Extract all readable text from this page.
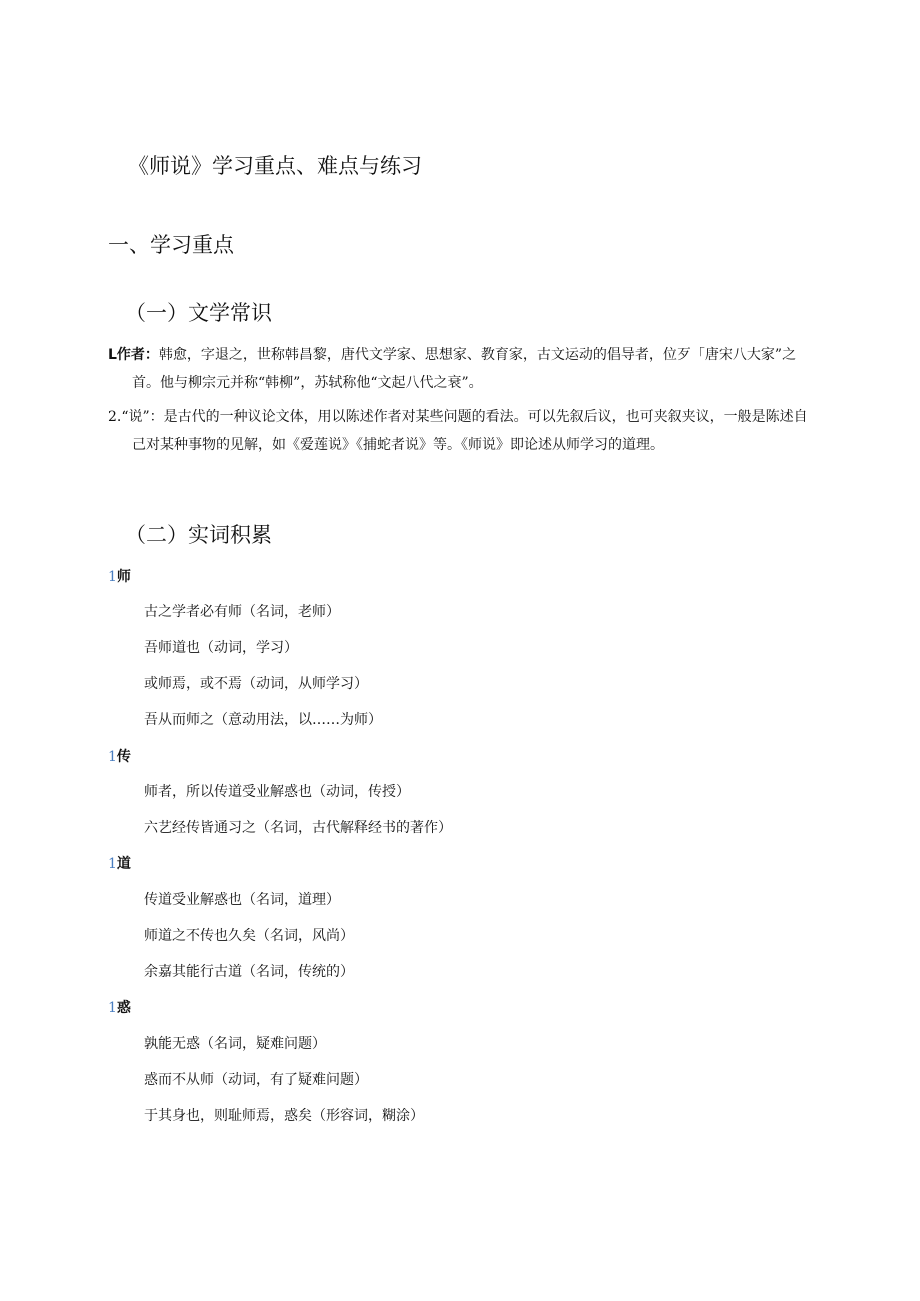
《师说》学习重点、难点与练习
一、学习重点
（一）文学常识
L作者：韩愈，字退之，世称韩昌黎，唐代文学家、思想家、教育家，古文运动的倡导者，位歹「唐宋八大家”之首。他与柳宗元并称“韩柳”，苏轼称他“文起八代之衰”。
2.“说”：是古代的一种议论文体，用以陈述作者对某些问题的看法。可以先叙后议，也可夹叙夹议，一般是陈述自己对某种事物的见解，如《爱莲说》《捕蛇者说》等。《师说》即论述从师学习的道理。
（二）实词积累
1师
古之学者必有师（名词，老师）
吾师道也（动词，学习）
或师焉，或不焉（动词，从师学习）
吾从而师之（意动用法，以……为师）
1传
师者，所以传道受业解惑也（动词，传授）
六艺经传皆通习之（名词，古代解释经书的著作）
1道
传道受业解惑也（名词，道理）
师道之不传也久矣（名词，风尚）
余嘉其能行古道（名词，传统的）
1惑
孰能无惑（名词，疑难问题）
惑而不从师（动词，有了疑难问题）
于其身也，则耻师焉，惑矣（形容词，糊涂）
